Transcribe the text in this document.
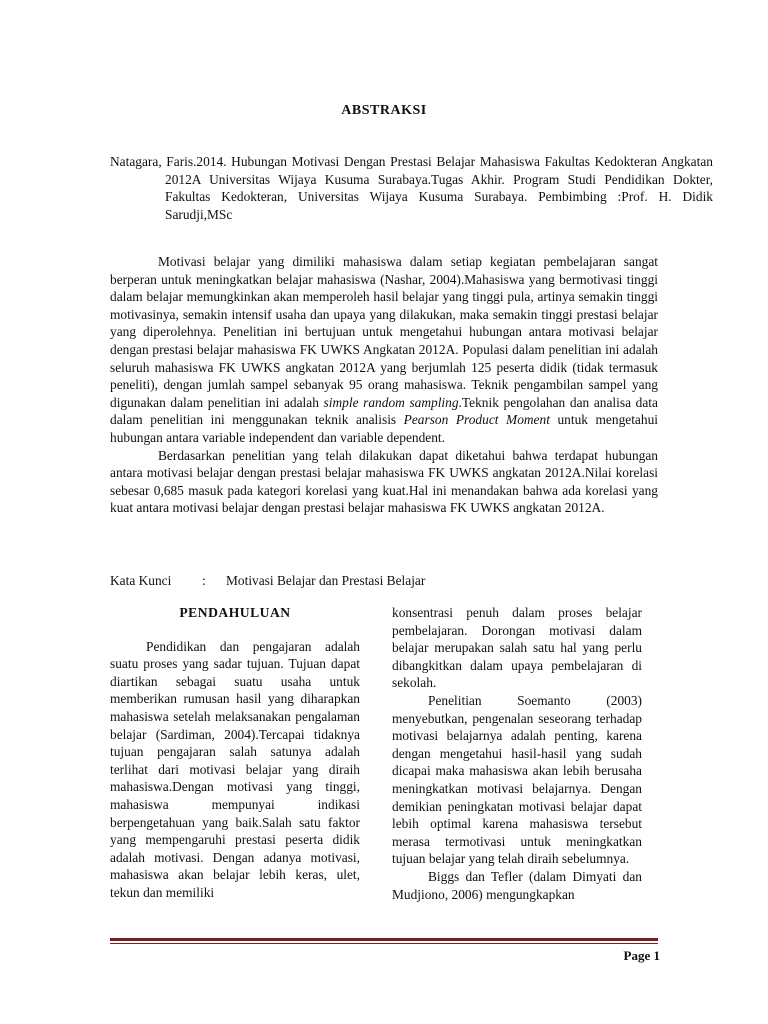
ABSTRAKSI
Natagara, Faris.2014. Hubungan Motivasi Dengan Prestasi Belajar Mahasiswa Fakultas Kedokteran Angkatan 2012A Universitas Wijaya Kusuma Surabaya.Tugas Akhir. Program Studi Pendidikan Dokter, Fakultas Kedokteran, Universitas Wijaya Kusuma Surabaya. Pembimbing :Prof. H. Didik Sarudji,MSc

Motivasi belajar yang dimiliki mahasiswa dalam setiap kegiatan pembelajaran sangat berperan untuk meningkatkan belajar mahasiswa (Nashar, 2004).Mahasiswa yang bermotivasi tinggi dalam belajar memungkinkan akan memperoleh hasil belajar yang tinggi pula, artinya semakin tinggi motivasinya, semakin intensif usaha dan upaya yang dilakukan, maka semakin tinggi prestasi belajar yang diperolehnya. Penelitian ini bertujuan untuk mengetahui hubungan antara motivasi belajar dengan prestasi belajar mahasiswa FK UWKS Angkatan 2012A. Populasi dalam penelitian ini adalah seluruh mahasiswa FK UWKS angkatan 2012A yang berjumlah 125 peserta didik (tidak termasuk peneliti), dengan jumlah sampel sebanyak 95 orang mahasiswa. Teknik pengambilan sampel yang digunakan dalam penelitian ini adalah simple random sampling.Teknik pengolahan dan analisa data dalam penelitian ini menggunakan teknik analisis Pearson Product Moment untuk mengetahui hubungan antara variable independent dan variable dependent.

Berdasarkan penelitian yang telah dilakukan dapat diketahui bahwa terdapat hubungan antara motivasi belajar dengan prestasi belajar mahasiswa FK UWKS angkatan 2012A.Nilai korelasi sebesar 0,685 masuk pada kategori korelasi yang kuat.Hal ini menandakan bahwa ada korelasi yang kuat antara motivasi belajar dengan prestasi belajar mahasiswa FK UWKS angkatan 2012A.

Kata Kunci : Motivasi Belajar dan Prestasi Belajar
PENDAHULUAN

Pendidikan dan pengajaran adalah suatu proses yang sadar tujuan. Tujuan dapat diartikan sebagai suatu usaha untuk memberikan rumusan hasil yang diharapkan mahasiswa setelah melaksanakan pengalaman belajar (Sardiman, 2004).Tercapai tidaknya tujuan pengajaran salah satunya adalah terlihat dari motivasi belajar yang diraih mahasiswa.Dengan motivasi yang tinggi, mahasiswa mempunyai indikasi berpengetahuan yang baik.Salah satu faktor yang mempengaruhi prestasi peserta didik adalah motivasi. Dengan adanya motivasi, mahasiswa akan belajar lebih keras, ulet, tekun dan memiliki

konsentrasi penuh dalam proses belajar pembelajaran. Dorongan motivasi dalam belajar merupakan salah satu hal yang perlu dibangkitkan dalam upaya pembelajaran di sekolah.

Penelitian Soemanto (2003) menyebutkan, pengenalan seseorang terhadap motivasi belajarnya adalah penting, karena dengan mengetahui hasil-hasil yang sudah dicapai maka mahasiswa akan lebih berusaha meningkatkan motivasi belajarnya. Dengan demikian peningkatan motivasi belajar dapat lebih optimal karena mahasiswa tersebut merasa termotivasi untuk meningkatkan tujuan belajar yang telah diraih sebelumnya.

Biggs dan Tefler (dalam Dimyati dan Mudjiono, 2006) mengungkapkan

Page 1
